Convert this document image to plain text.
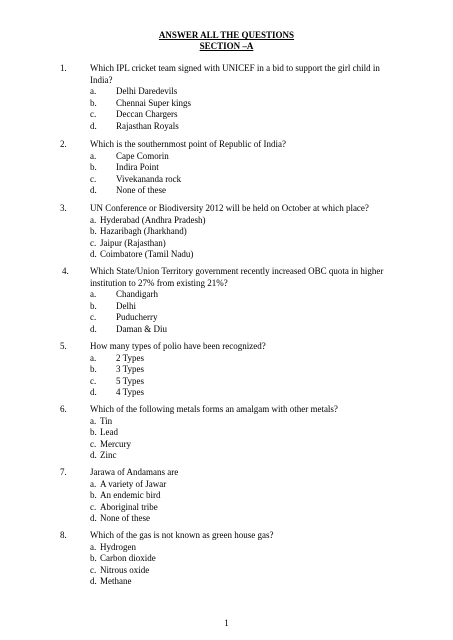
ANSWER ALL THE QUESTIONS
SECTION –A
1.	Which IPL cricket team signed with UNICEF in a bid to support the girl child in
India?
a. Delhi Daredevils
b. Chennai Super kings
c. Deccan Chargers
d. Rajasthan Royals
2.	Which is the southernmost point of Republic of India?
a. Cape Comorin
b. Indira Point
c. Vivekananda rock
d. None of these
3.	UN Conference or Biodiversity 2012 will be held on October at which place?
a. Hyderabad (Andhra Pradesh)
b. Hazaribagh (Jharkhand)
c. Jaipur (Rajasthan)
d. Coimbatore (Tamil Nadu)
4. Which State/Union Territory government recently increased OBC quota in higher
institution to 27% from existing 21%?
a. Chandigarh
b. Delhi
c. Puducherry
d. Daman & Diu
5.	How many types of polio have been recognized?
a. 2 Types
b. 3 Types
c. 5 Types
d. 4 Types
6.	Which of the following metals forms an amalgam with other metals?
a. Tin
b. Lead
c. Mercury
d. Zinc
7.	Jarawa of Andamans are
a. A variety of Jawar
b. An endemic bird
c. Aboriginal tribe
d. None of these
8.	Which of the gas is not known as green house gas?
a. Hydrogen
b. Carbon dioxide
c. Nitrous oxide
d. Methane
1
